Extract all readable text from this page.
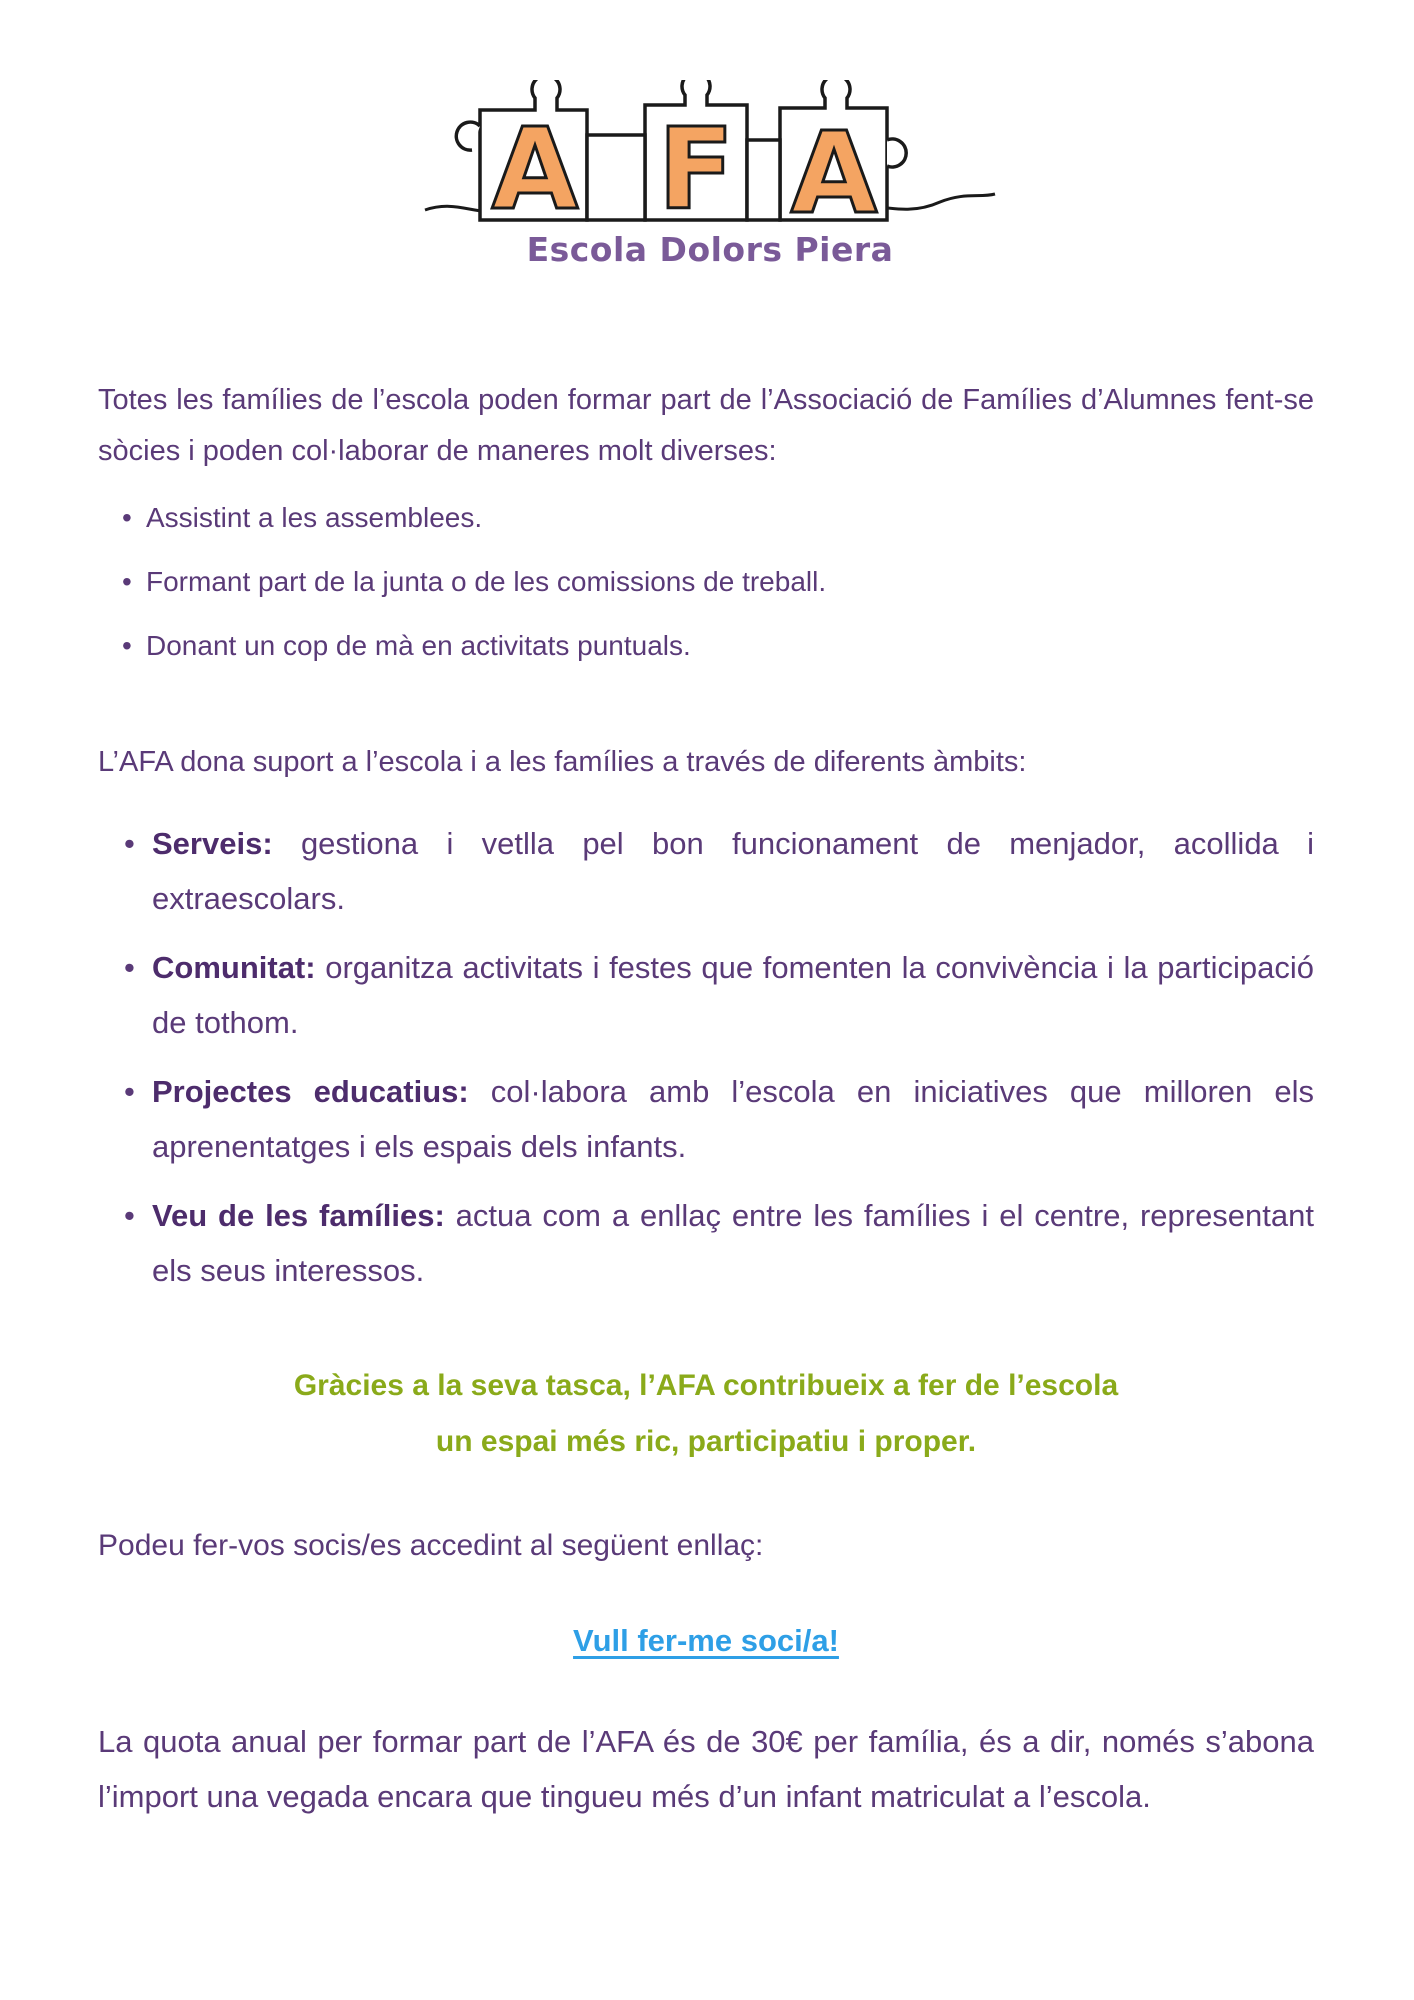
A F A
Escola Dolors Piera

Totes les famílies de l’escola poden formar part de l’Associació de Famílies d’Alumnes fent-se sòcies i poden col·laborar de maneres molt diverses:

• Assistint a les assemblees.
• Formant part de la junta o de les comissions de treball.
• Donant un cop de mà en activitats puntuals.

L’AFA dona suport a l’escola i a les famílies a través de diferents àmbits:

• Serveis: gestiona i vetlla pel bon funcionament de menjador, acollida i extraescolars.
• Comunitat: organitza activitats i festes que fomenten la convivència i la participació de tothom.
• Projectes educatius: col·labora amb l’escola en iniciatives que milloren els aprenentatges i els espais dels infants.
• Veu de les famílies: actua com a enllaç entre les famílies i el centre, representant els seus interessos.
Gràcies a la seva tasca, l’AFA contribueix a fer de l’escola
un espai més ric, participatiu i proper.

Podeu fer-vos socis/es accedint al següent enllaç:

Vull fer-me soci/a!

La quota anual per formar part de l’AFA és de 30€ per família, és a dir, només s’abona l’import una vegada encara que tingueu més d’un infant matriculat a l’escola.
